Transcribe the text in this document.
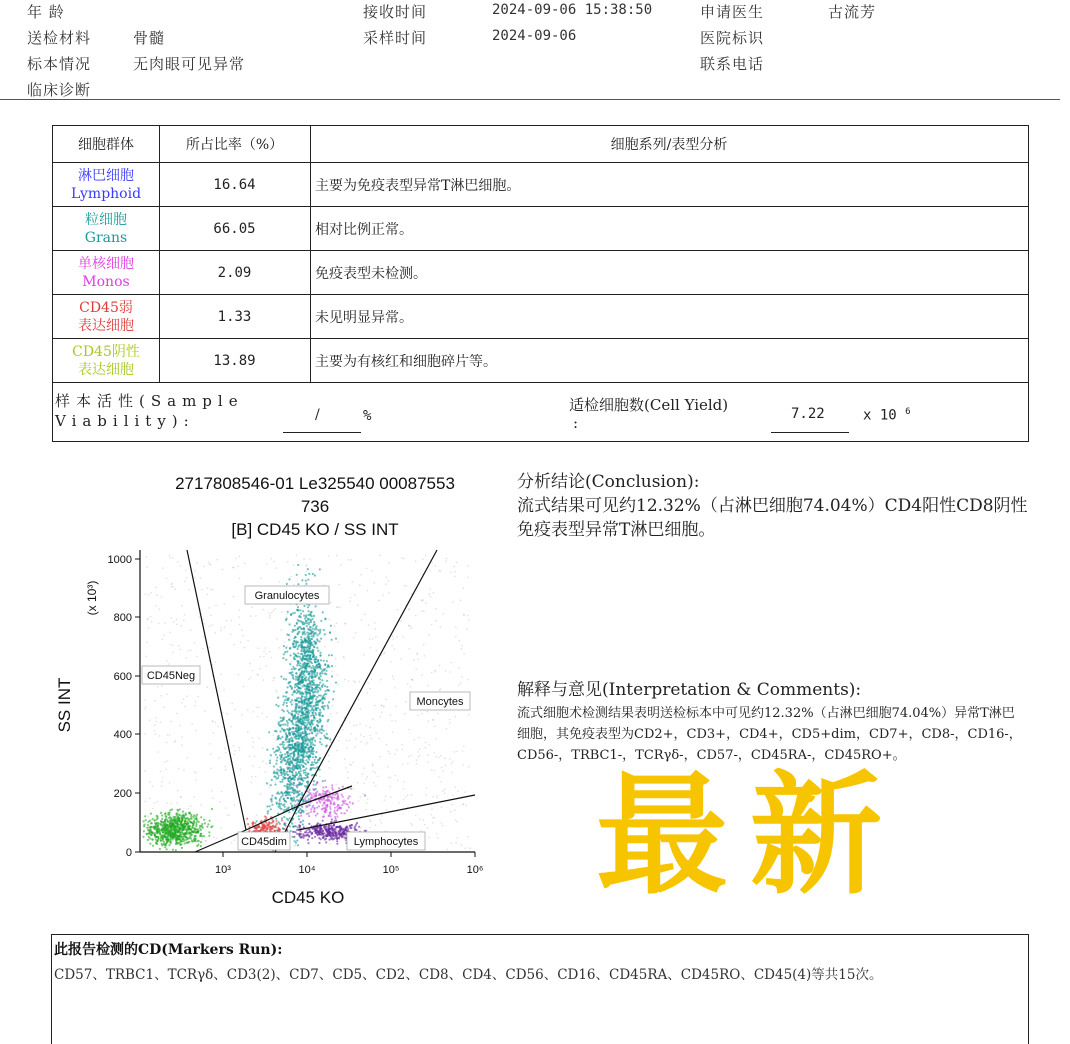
年 龄
送检材料	骨髓
标本情况	无肉眼可见异常
临床诊断
接收时间	2024-09-06 15:38:50
采样时间	2024-09-06
申请医生	古流芳
医院标识
联系电话
细胞群体	所占比率（%）	细胞系列/表型分析
淋巴细胞
Lymphoid
16.64	主要为免疫表型异常T淋巴细胞。
粒细胞
Grans
66.05	相对比例正常。
单核细胞
Monos
2.09	免疫表型未检测。
CD45弱
表达细胞
1.33	未见明显异常。
CD45阴性
表达细胞
13.89	主要为有核红和细胞碎片等。
样本活性(Sample
Viability):	/	%
适检细胞数(Cell Yield)
:	7.22	x 10 $^6$
2717808546-01 Le325540 00087553
736
[B] CD45 KO / SS INT
0
200
400
600
800
1000
10³	10⁴	10⁵	10⁶
CD45 KO
SS INT
(x 10³)	Granulocytes
CD45Neg
Moncytes
CD45dim	Lymphocytes
分析结论(Conclusion):
流式结果可见约12.32%（占淋巴细胞74.04%）CD4阳性CD8阴性免疫表型异常T淋巴细胞。
解释与意见(Interpretation & Comments):
流式细胞术检测结果表明送检标本中可见约12.32%（占淋巴细胞74.04%）异常T淋巴细胞，其免疫表型为CD2+，CD3+，CD4+，CD5+dim，CD7+，CD8-，CD16-，CD56-，TRBC1-，TCRγδ-，CD57-，CD45RA-，CD45RO+。
最新
此报告检测的CD(Markers Run):
CD57、TRBC1、TCRγδ、CD3(2)、CD7、CD5、CD2、CD8、CD4、CD56、CD16、CD45RA、CD45RO、CD45(4)等共15次。
